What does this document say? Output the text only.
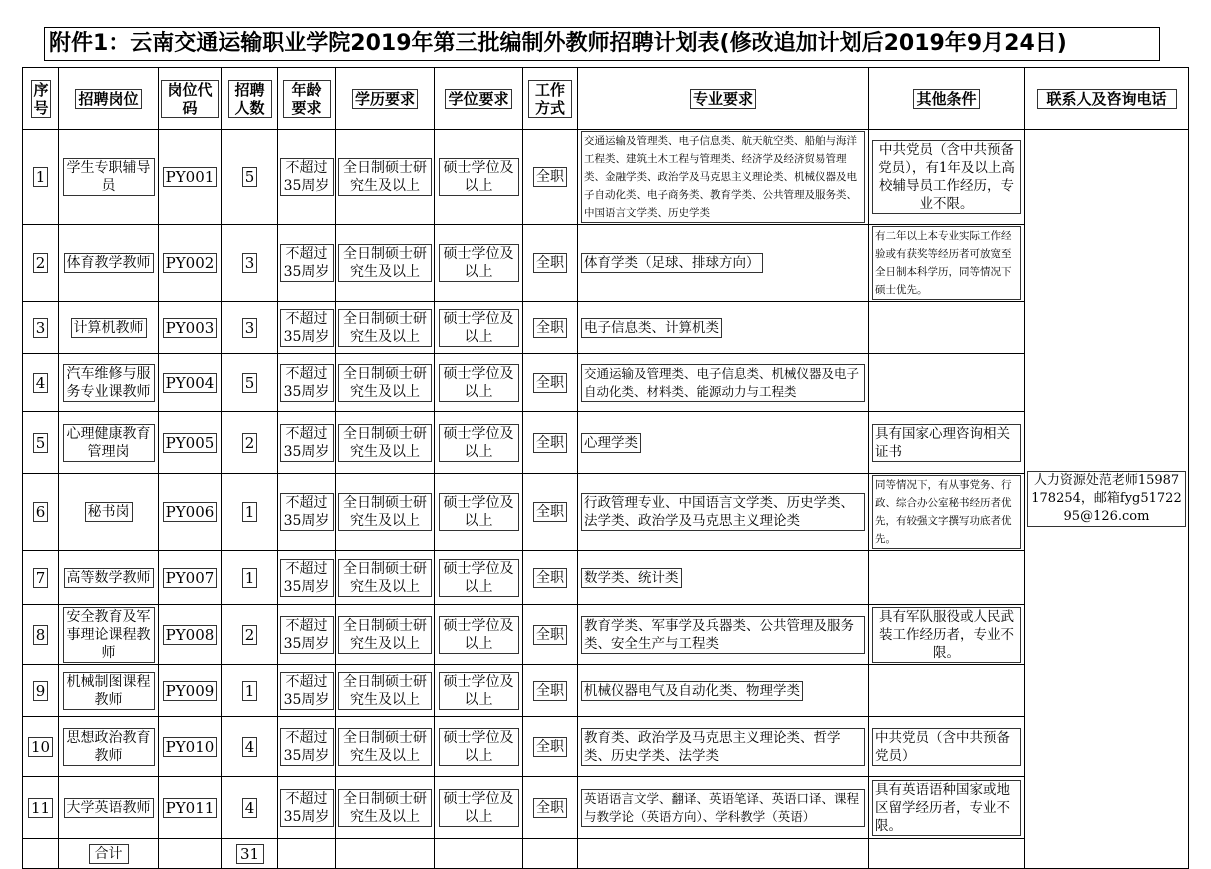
附件1：云南交通运输职业学院2019年第三批编制外教师招聘计划表(修改追加计划后2019年9月24日)
序号	招聘岗位	岗位代码	招聘人数	年龄要求	学历要求	学位要求	工作方式	专业要求	其他条件	联系人及咨询电话
1	学生专职辅导员	PY001	5	不超过35周岁	全日制硕士研究生及以上	硕士学位及以上	全职	交通运输及管理类、电子信息类、航天航空类、船舶与海洋工程类、建筑土木工程与管理类、经济学及经济贸易管理类、金融学类、政治学及马克思主义理论类、机械仪器及电子自动化类、电子商务类、教育学类、公共管理及服务类、中国语言文学类、历史学类	中共党员（含中共预备党员），有1年及以上高校辅导员工作经历，专业不限。	人力资源处范老师15987178254，邮箱fyg5172295@126.com

2	体育教学教师	PY002	3	不超过35周岁	全日制硕士研究生及以上	硕士学位及以上	全职	体育学类（足球、排球方向）	有二年以上本专业实际工作经验或有获奖等经历者可放宽至全日制本科学历，同等情况下硕士优先。	

3	计算机教师	PY003	3	不超过35周岁	全日制硕士研究生及以上	硕士学位及以上	全职	电子信息类、计算机类		
4	汽车维修与服务专业课教师	PY004	5	不超过35周岁	全日制硕士研究生及以上	硕士学位及以上	全职	交通运输及管理类、电子信息类、机械仪器及电子自动化类、材料类、能源动力与工程类		

5	心理健康教育管理岗	PY005	2	不超过35周岁	全日制硕士研究生及以上	硕士学位及以上	全职	心理学类	具有国家心理咨询相关证书	

6	秘书岗	PY006	1	不超过35周岁	全日制硕士研究生及以上	硕士学位及以上	全职	行政管理专业、中国语言文学类、历史学类、法学类、政治学及马克思主义理论类	同等情况下，有从事党务、行政、综合办公室秘书经历者优先，有较强文字撰写功底者优先。	

7	高等数学教师	PY007	1	不超过35周岁	全日制硕士研究生及以上	硕士学位及以上	全职	数学类、统计类		
8	安全教育及军事理论课程教师	PY008	2	不超过35周岁	全日制硕士研究生及以上	硕士学位及以上	全职	教育学类、军事学及兵器类、公共管理及服务类、安全生产与工程类	具有军队服役或人民武装工作经历者，专业不限。	

9	机械制图课程教师	PY009	1	不超过35周岁	全日制硕士研究生及以上	硕士学位及以上	全职	机械仪器电气及自动化类、物理学类		
10	思想政治教育教师	PY010	4	不超过35周岁	全日制硕士研究生及以上	硕士学位及以上	全职	教育类、政治学及马克思主义理论类、哲学类、历史学类、法学类	中共党员（含中共预备党员）	

11	大学英语教师	PY011	4	不超过35周岁	全日制硕士研究生及以上	硕士学位及以上	全职	英语语言文学、翻译、英语笔译、英语口译、课程与教学论（英语方向）、学科教学（英语）	具有英语语种国家或地区留学经历者，专业不限。	

	合计		31							
